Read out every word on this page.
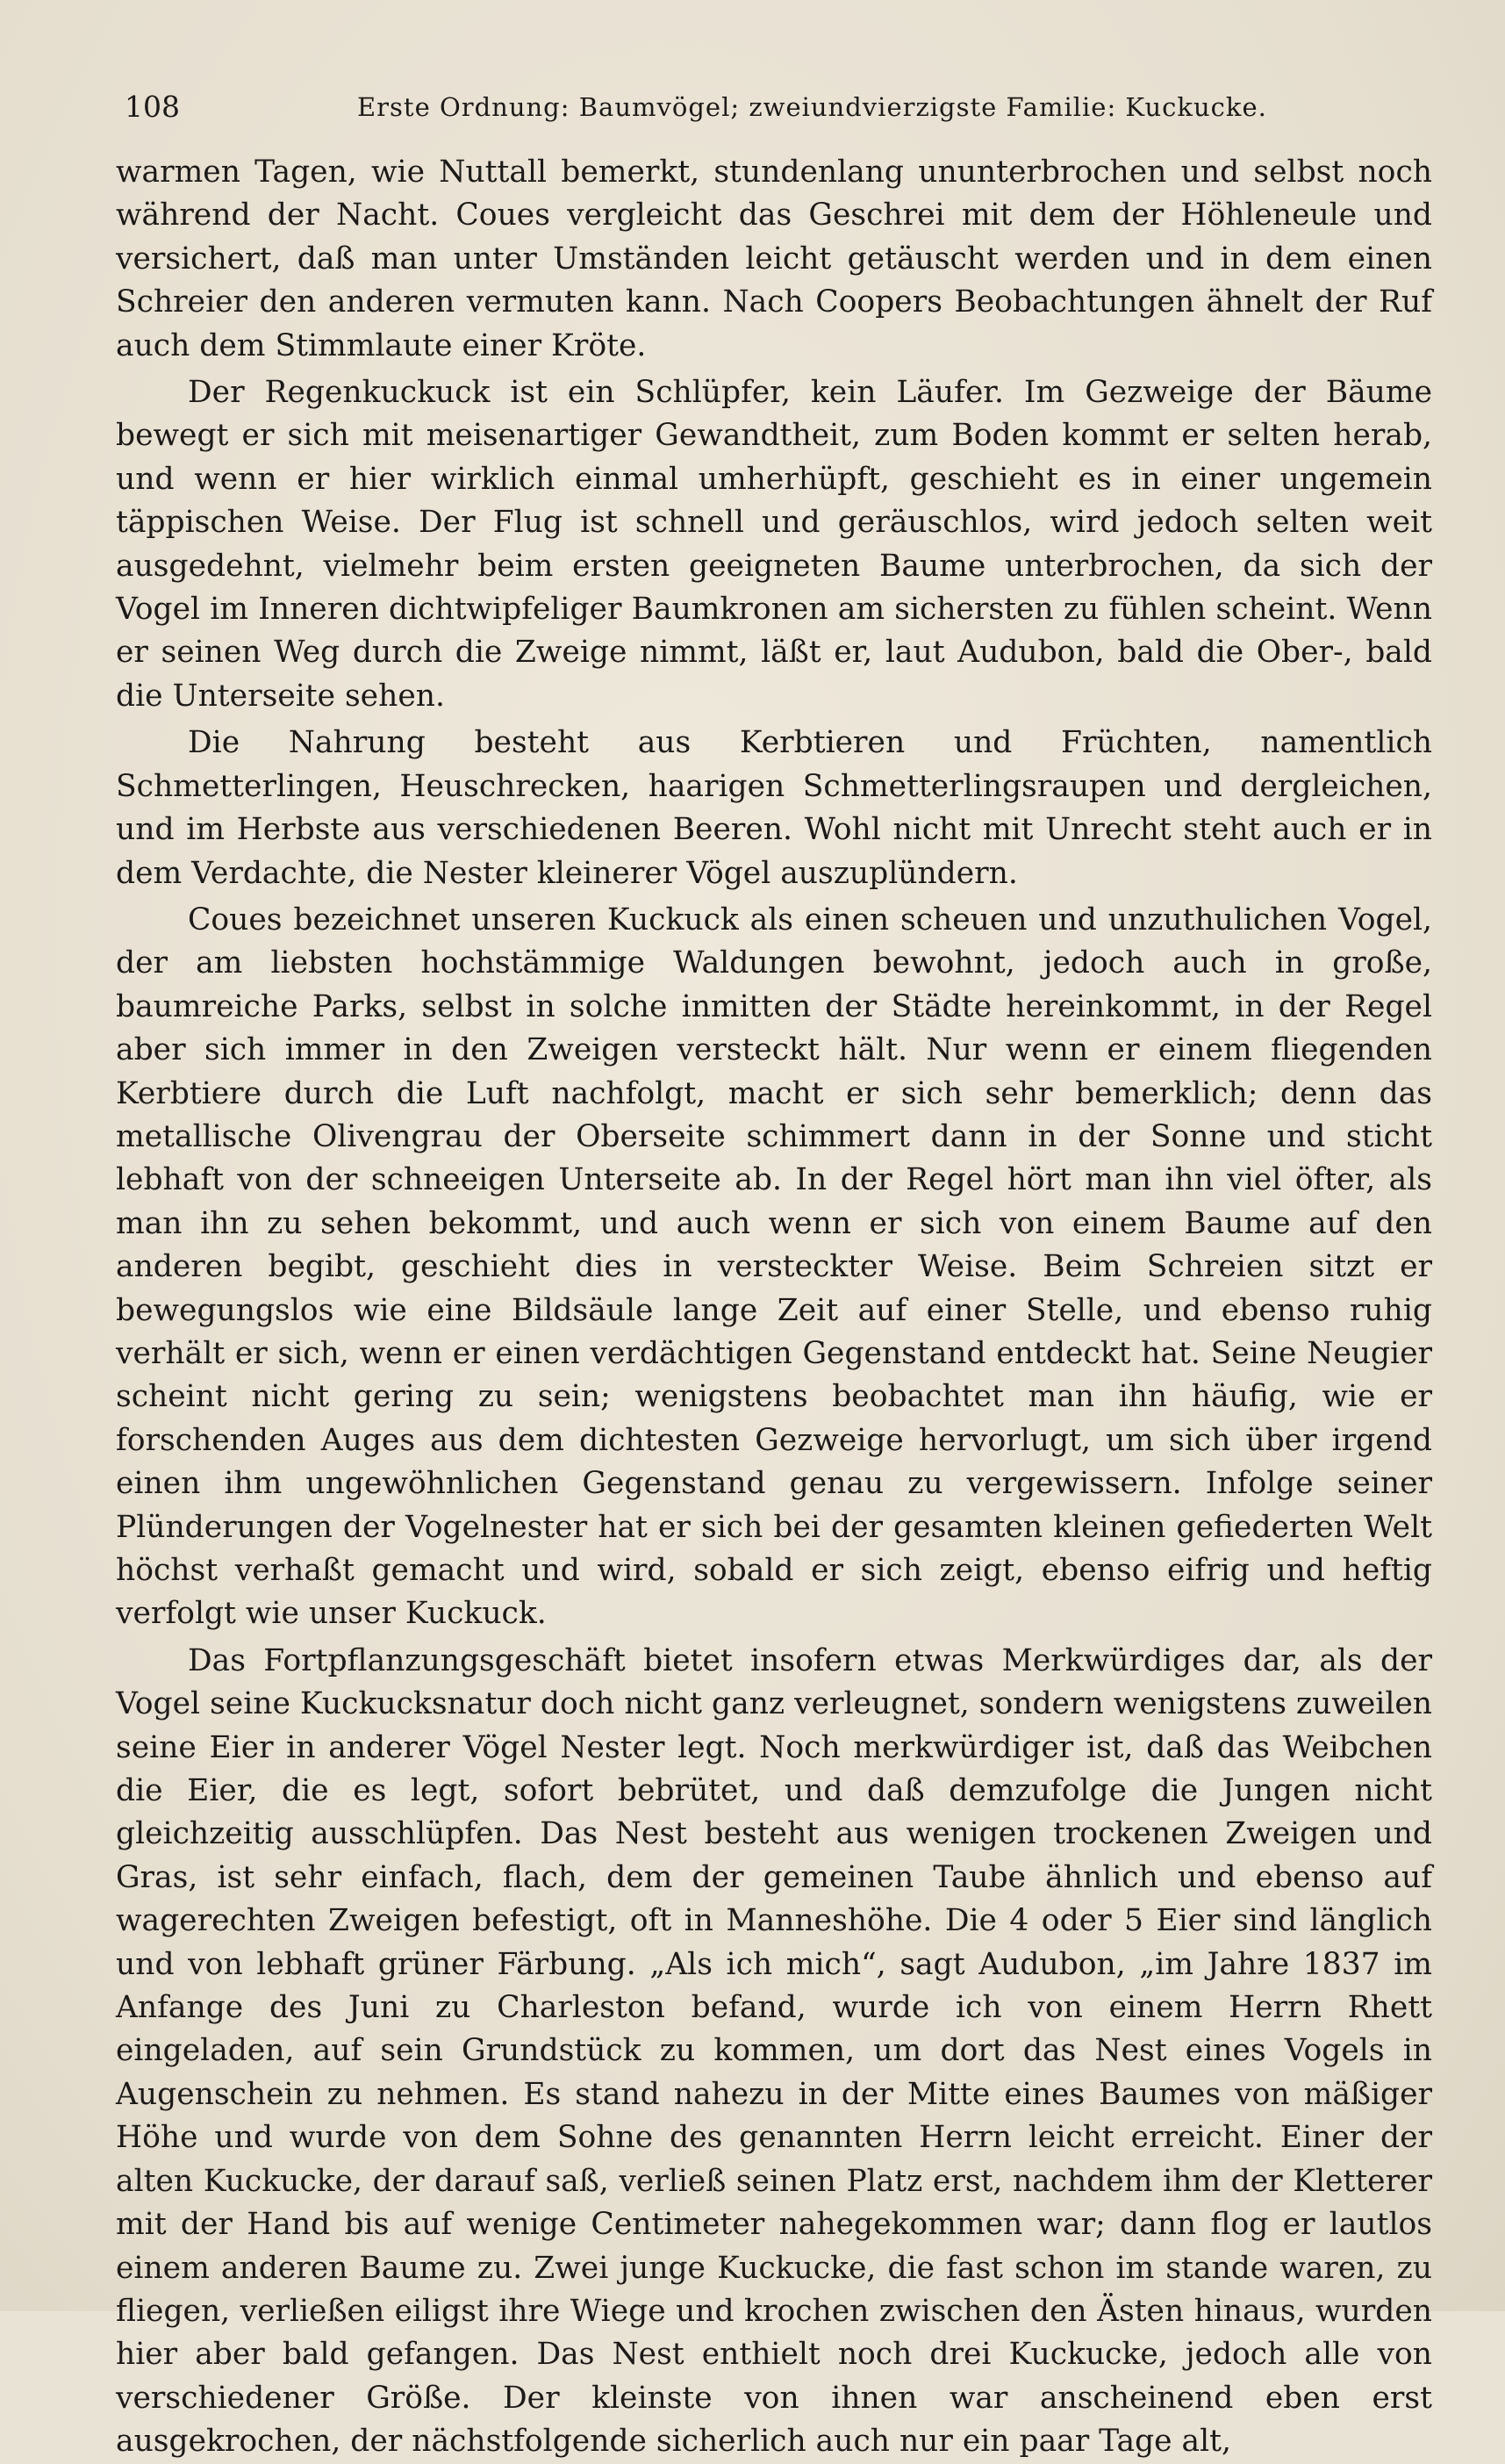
108	Erste Ordnung: Baumvögel; zweiundvierzigste Familie: Kuckucke.

warmen Tagen, wie Nuttall bemerkt, stundenlang ununterbrochen und selbst noch während der Nacht. Coues vergleicht das Geschrei mit dem der Höhleneule und versichert, daß man unter Umständen leicht getäuscht werden und in dem einen Schreier den anderen vermuten kann. Nach Coopers Beobachtungen ähnelt der Ruf auch dem Stimmlaute einer Kröte.

Der Regenkuckuck ist ein Schlüpfer, kein Läufer. Im Gezweige der Bäume bewegt er sich mit meisenartiger Gewandtheit, zum Boden kommt er selten herab, und wenn er hier wirklich einmal umherhüpft, geschieht es in einer ungemein täppischen Weise. Der Flug ist schnell und geräuschlos, wird jedoch selten weit ausgedehnt, vielmehr beim ersten geeigneten Baume unterbrochen, da sich der Vogel im Inneren dichtwipfeliger Baumkronen am sichersten zu fühlen scheint. Wenn er seinen Weg durch die Zweige nimmt, läßt er, laut Audubon, bald die Ober-, bald die Unterseite sehen.

Die Nahrung besteht aus Kerbtieren und Früchten, namentlich Schmetterlingen, Heuschrecken, haarigen Schmetterlingsraupen und dergleichen, und im Herbste aus verschiedenen Beeren. Wohl nicht mit Unrecht steht auch er in dem Verdachte, die Nester kleinerer Vögel auszuplündern.

Coues bezeichnet unseren Kuckuck als einen scheuen und unzuthulichen Vogel, der am liebsten hochstämmige Waldungen bewohnt, jedoch auch in große, baumreiche Parks, selbst in solche inmitten der Städte hereinkommt, in der Regel aber sich immer in den Zweigen versteckt hält. Nur wenn er einem fliegenden Kerbtiere durch die Luft nachfolgt, macht er sich sehr bemerklich; denn das metallische Olivengrau der Oberseite schimmert dann in der Sonne und sticht lebhaft von der schneeigen Unterseite ab. In der Regel hört man ihn viel öfter, als man ihn zu sehen bekommt, und auch wenn er sich von einem Baume auf den anderen begibt, geschieht dies in versteckter Weise. Beim Schreien sitzt er bewegungslos wie eine Bildsäule lange Zeit auf einer Stelle, und ebenso ruhig verhält er sich, wenn er einen verdächtigen Gegenstand entdeckt hat. Seine Neugier scheint nicht gering zu sein; wenigstens beobachtet man ihn häufig, wie er forschenden Auges aus dem dichtesten Gezweige hervorlugt, um sich über irgend einen ihm ungewöhnlichen Gegenstand genau zu vergewissern. Infolge seiner Plünderungen der Vogelnester hat er sich bei der gesamten kleinen gefiederten Welt höchst verhaßt gemacht und wird, sobald er sich zeigt, ebenso eifrig und heftig verfolgt wie unser Kuckuck.

Das Fortpflanzungsgeschäft bietet insofern etwas Merkwürdiges dar, als der Vogel seine Kuckucksnatur doch nicht ganz verleugnet, sondern wenigstens zuweilen seine Eier in anderer Vögel Nester legt. Noch merkwürdiger ist, daß das Weibchen die Eier, die es legt, sofort bebrütet, und daß demzufolge die Jungen nicht gleichzeitig ausschlüpfen. Das Nest besteht aus wenigen trockenen Zweigen und Gras, ist sehr einfach, flach, dem der gemeinen Taube ähnlich und ebenso auf wagerechten Zweigen befestigt, oft in Manneshöhe. Die 4 oder 5 Eier sind länglich und von lebhaft grüner Färbung. „Als ich mich“, sagt Audubon, „im Jahre 1837 im Anfange des Juni zu Charleston befand, wurde ich von einem Herrn Rhett eingeladen, auf sein Grundstück zu kommen, um dort das Nest eines Vogels in Augenschein zu nehmen. Es stand nahezu in der Mitte eines Baumes von mäßiger Höhe und wurde von dem Sohne des genannten Herrn leicht erreicht. Einer der alten Kuckucke, der darauf saß, verließ seinen Platz erst, nachdem ihm der Kletterer mit der Hand bis auf wenige Centimeter nahegekommen war; dann flog er lautlos einem anderen Baume zu. Zwei junge Kuckucke, die fast schon im stande waren, zu fliegen, verließen eiligst ihre Wiege und krochen zwischen den Ästen hinaus, wurden hier aber bald gefangen. Das Nest enthielt noch drei Kuckucke, jedoch alle von verschiedener Größe. Der kleinste von ihnen war anscheinend eben erst ausgekrochen, der nächstfolgende sicherlich auch nur ein paar Tage alt,
